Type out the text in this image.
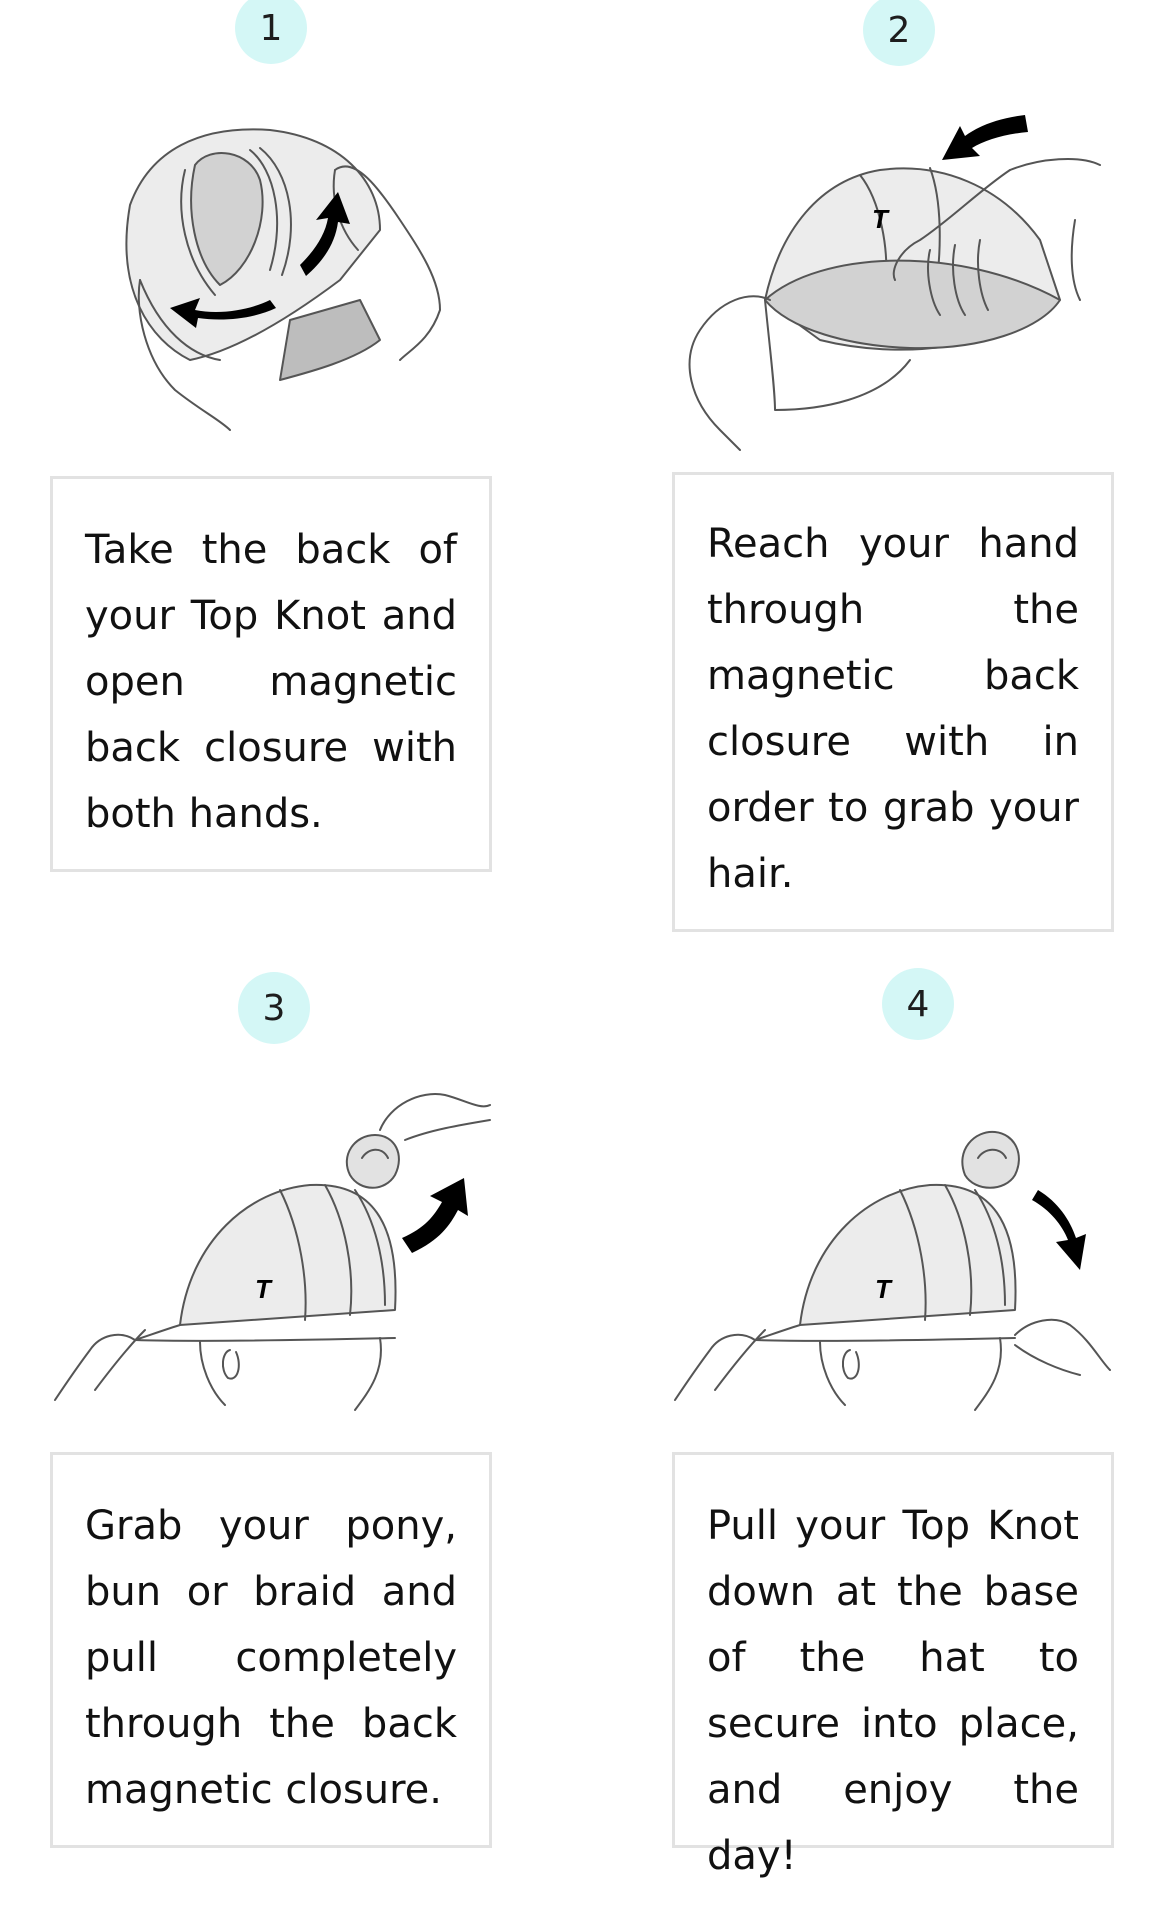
1

Take the back of your Top Knot and open magnetic back closure with both hands.

2
T

Reach your hand through the magnetic back closure with in order to grab your hair.

3
T

Grab your pony, bun or braid and pull completely through the back magnetic closure.

4
T

Pull your Top Knot down at the base of the hat to secure into place, and enjoy the day!
